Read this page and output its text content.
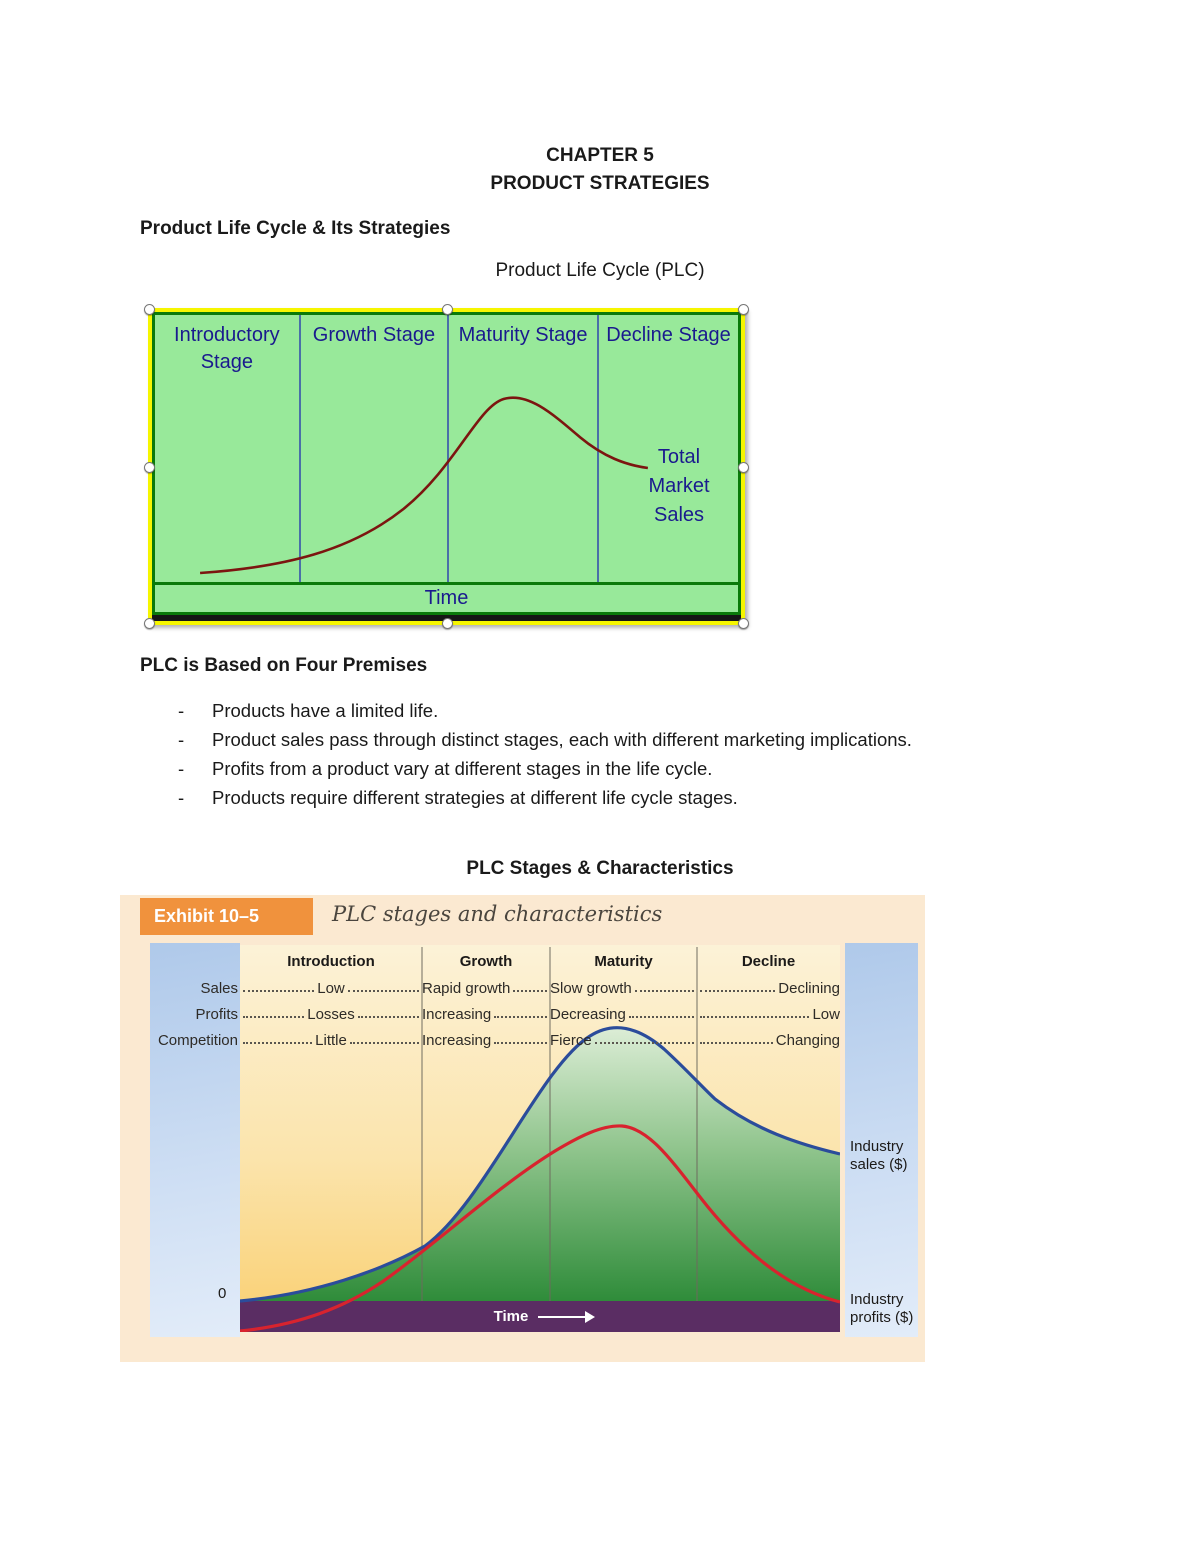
CHAPTER 5
PRODUCT STRATEGIES
Product Life Cycle & Its Strategies
Product Life Cycle (PLC)
Introductory Stage
Growth Stage	Maturity Stage Decline Stage
Total Market Sales
Time
PLC is Based on Four Premises
-	Products have a limited life.
-	Product sales pass through distinct stages, each with different marketing implications.
-	Profits from a product vary at different stages in the life cycle.
-	Products require different strategies at different life cycle stages.
PLC Stages & Characteristics
Exhibit 10–5	PLC stages and characteristics
Introduction	Growth	Maturity	Decline
Sales	Low	Rapid growth	Slow growth	Declining
Profits	Losses	Increasing	Decreasing	Low
Competition	Little	Increasing	Fierce	Changing
Time
0
Industry sales ($)
Industry profits ($)
